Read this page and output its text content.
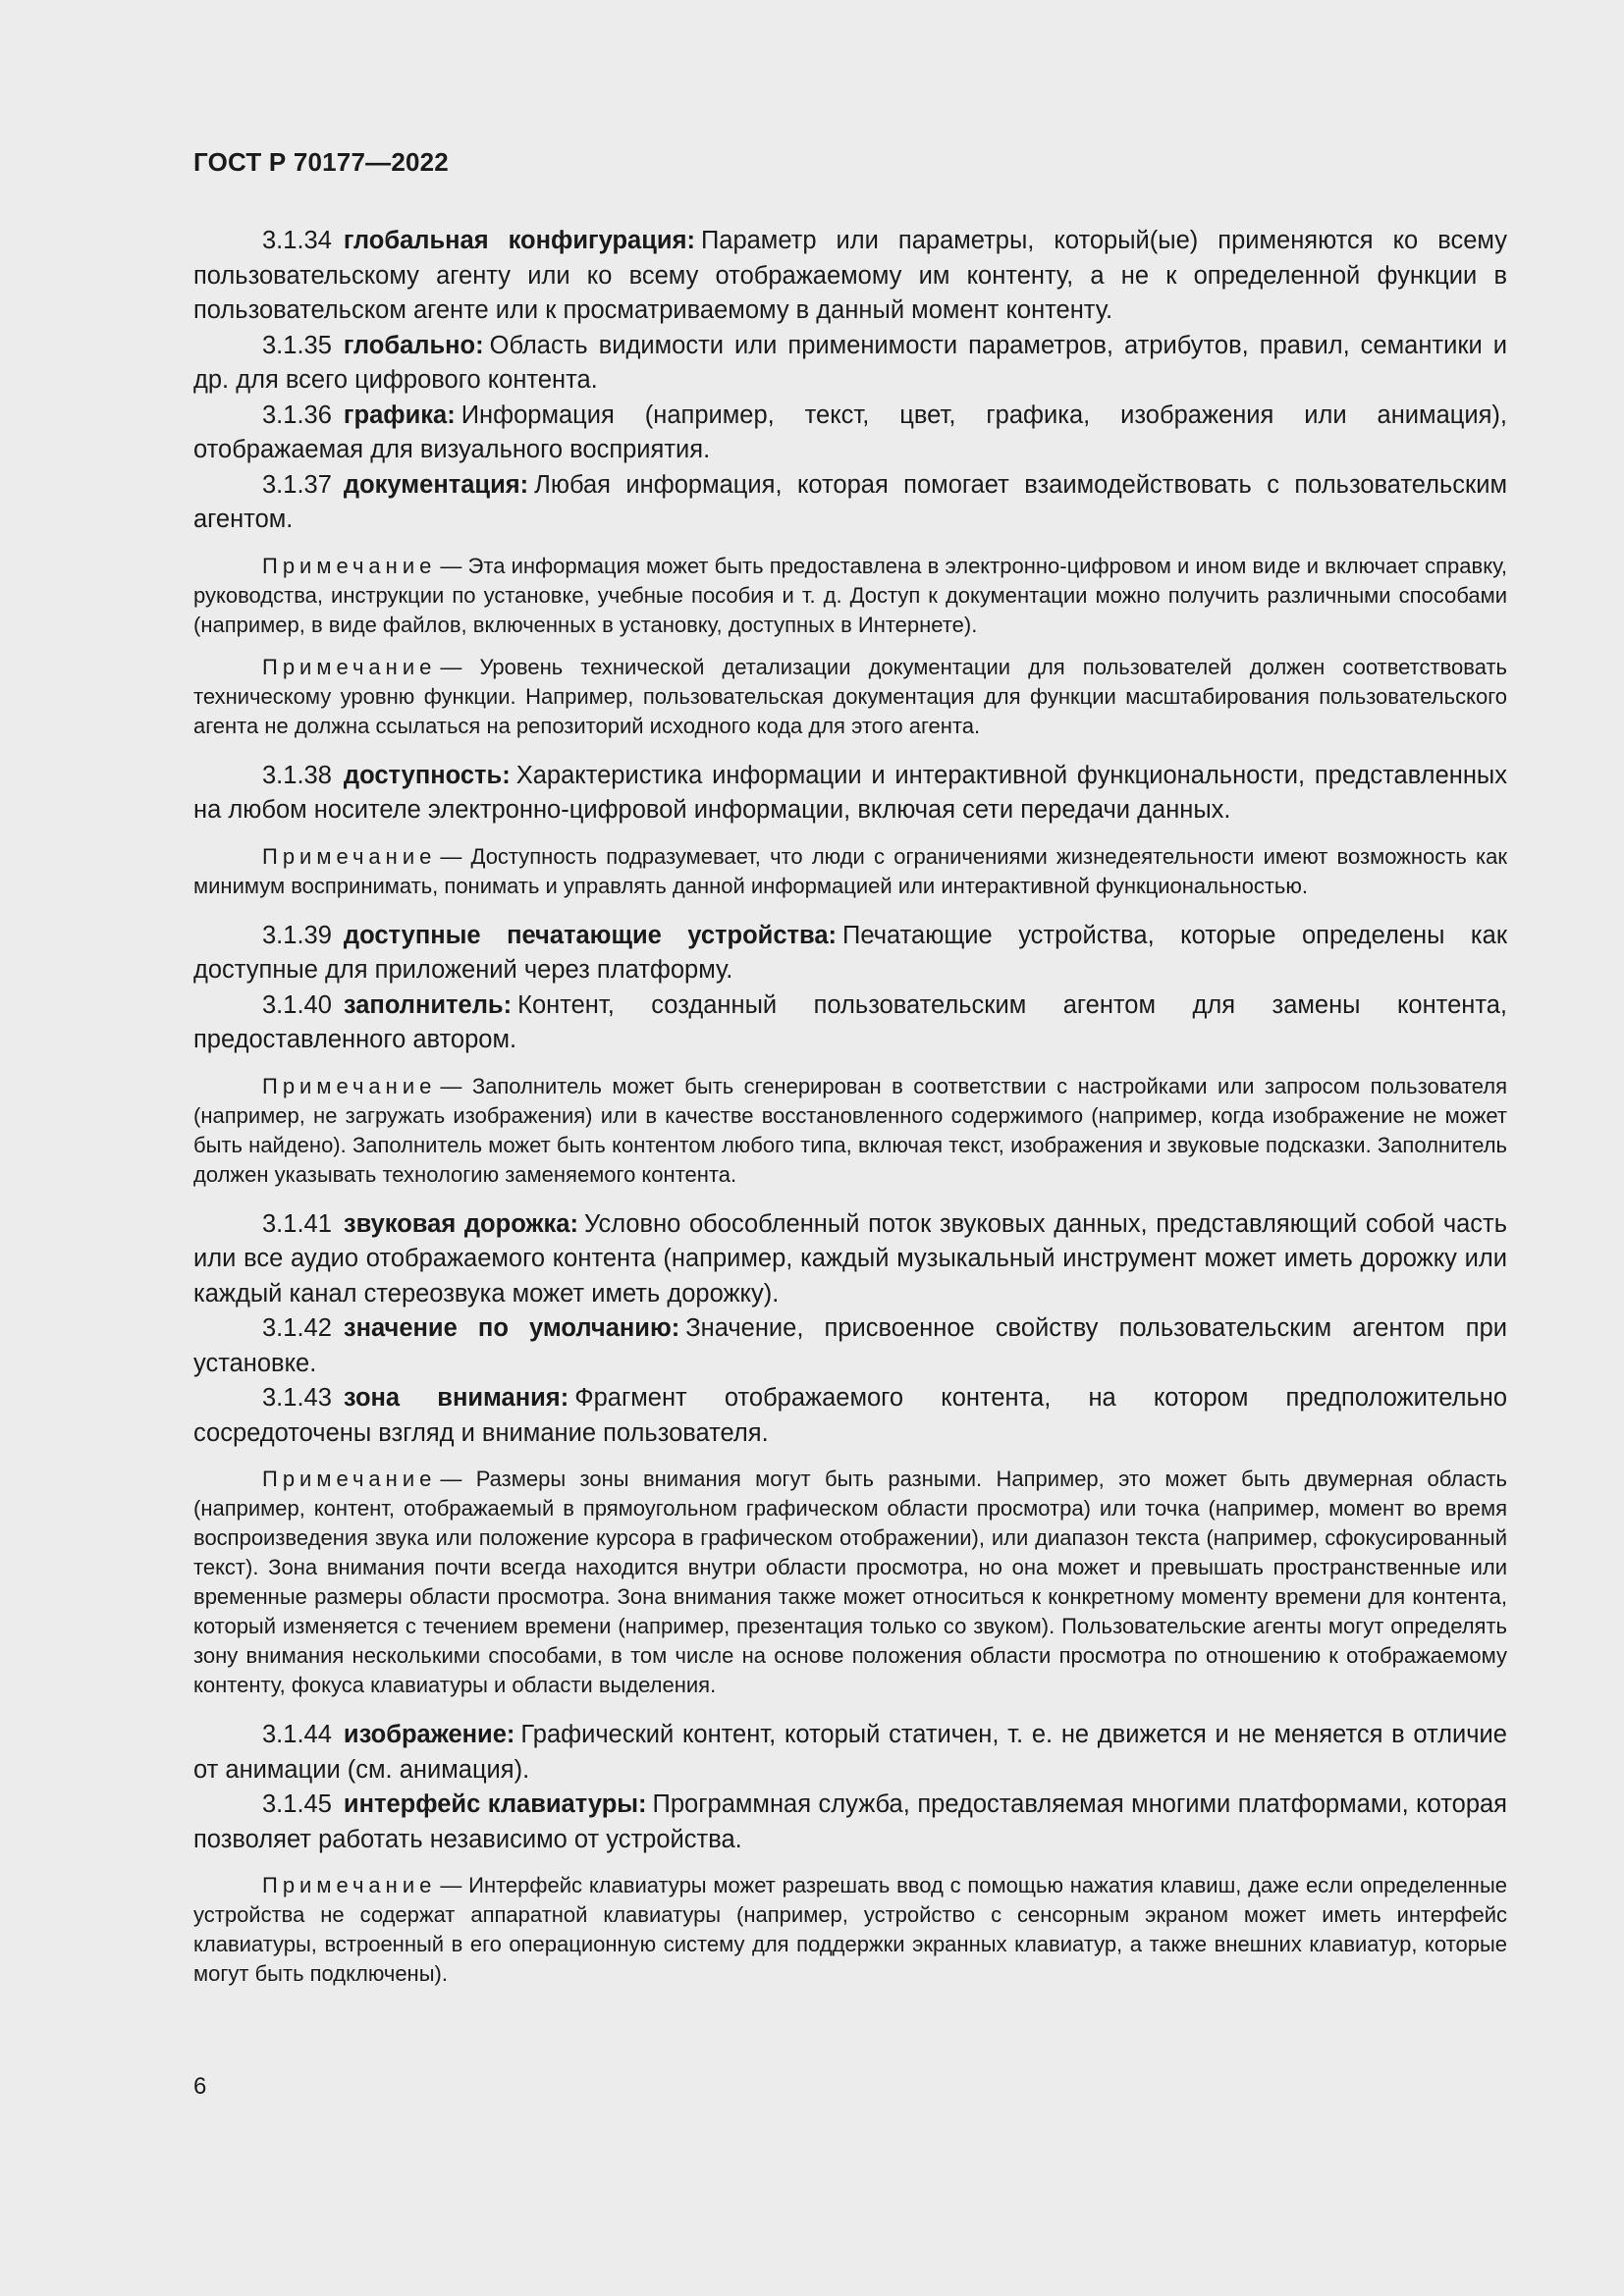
ГОСТ Р 70177—2022

3.1.34 глобальная конфигурация: Параметр или параметры, который(ые) применяются ко всему пользовательскому агенту или ко всему отображаемому им контенту, а не к определенной функции в пользовательском агенте или к просматриваемому в данный момент контенту.

3.1.35 глобально: Область видимости или применимости параметров, атрибутов, правил, семантики и др. для всего цифрового контента.

3.1.36 графика: Информация (например, текст, цвет, графика, изображения или анимация), отображаемая для визуального восприятия.

3.1.37 документация: Любая информация, которая помогает взаимодействовать с пользовательским агентом.

Примечание — Эта информация может быть предоставлена в электронно-цифровом и ином виде и включает справку, руководства, инструкции по установке, учебные пособия и т. д. Доступ к документации можно получить различными способами (например, в виде файлов, включенных в установку, доступных в Интернете).

Примечание — Уровень технической детализации документации для пользователей должен соответствовать техническому уровню функции. Например, пользовательская документация для функции масштабирования пользовательского агента не должна ссылаться на репозиторий исходного кода для этого агента.

3.1.38 доступность: Характеристика информации и интерактивной функциональности, представленных на любом носителе электронно-цифровой информации, включая сети передачи данных.

Примечание — Доступность подразумевает, что люди с ограничениями жизнедеятельности имеют возможность как минимум воспринимать, понимать и управлять данной информацией или интерактивной функциональностью.

3.1.39 доступные печатающие устройства: Печатающие устройства, которые определены как доступные для приложений через платформу.

3.1.40 заполнитель: Контент, созданный пользовательским агентом для замены контента, предоставленного автором.

Примечание — Заполнитель может быть сгенерирован в соответствии с настройками или запросом пользователя (например, не загружать изображения) или в качестве восстановленного содержимого (например, когда изображение не может быть найдено). Заполнитель может быть контентом любого типа, включая текст, изображения и звуковые подсказки. Заполнитель должен указывать технологию заменяемого контента.

3.1.41 звуковая дорожка: Условно обособленный поток звуковых данных, представляющий собой часть или все аудио отображаемого контента (например, каждый музыкальный инструмент может иметь дорожку или каждый канал стереозвука может иметь дорожку).

3.1.42 значение по умолчанию: Значение, присвоенное свойству пользовательским агентом при установке.

3.1.43 зона внимания: Фрагмент отображаемого контента, на котором предположительно сосредоточены взгляд и внимание пользователя.

Примечание — Размеры зоны внимания могут быть разными. Например, это может быть двумерная область (например, контент, отображаемый в прямоугольном графическом области просмотра) или точка (например, момент во время воспроизведения звука или положение курсора в графическом отображении), или диапазон текста (например, сфокусированный текст). Зона внимания почти всегда находится внутри области просмотра, но она может и превышать пространственные или временные размеры области просмотра. Зона внимания также может относиться к конкретному моменту времени для контента, который изменяется с течением времени (например, презентация только со звуком). Пользовательские агенты могут определять зону внимания несколькими способами, в том числе на основе положения области просмотра по отношению к отображаемому контенту, фокуса клавиатуры и области выделения.

3.1.44 изображение: Графический контент, который статичен, т. е. не движется и не меняется в отличие от анимации (см. анимация).

3.1.45 интерфейс клавиатуры: Программная служба, предоставляемая многими платформами, которая позволяет работать независимо от устройства.

Примечание — Интерфейс клавиатуры может разрешать ввод с помощью нажатия клавиш, даже если определенные устройства не содержат аппаратной клавиатуры (например, устройство с сенсорным экраном может иметь интерфейс клавиатуры, встроенный в его операционную систему для поддержки экранных клавиатур, а также внешних клавиатур, которые могут быть подключены).

6
